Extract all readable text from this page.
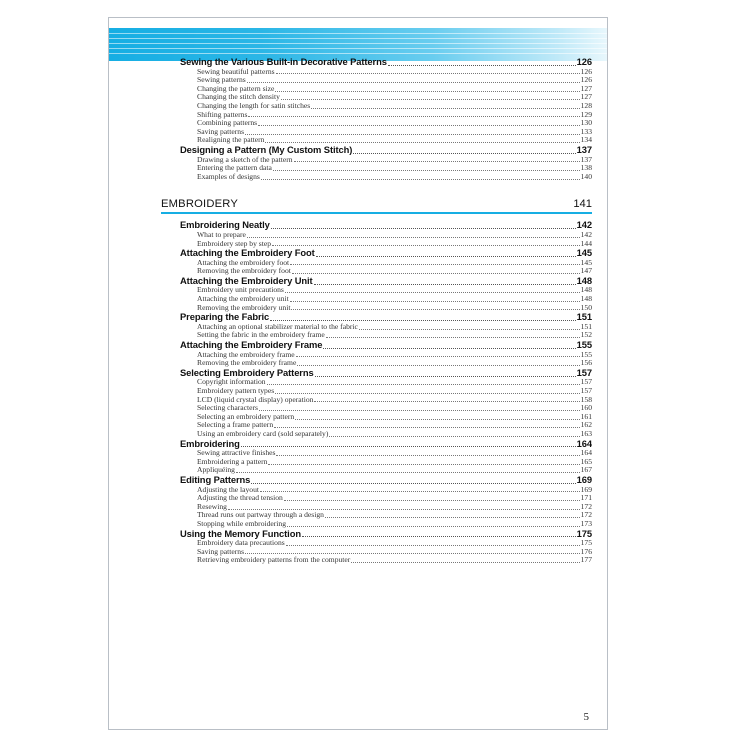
Sewing the Various Built-in Decorative Patterns	126
Sewing beautiful patterns	126
Sewing patterns	126
Changing the pattern size	127
Changing the stitch density	127
Changing the length for satin stitches	128
Shifting patterns	129
Combining patterns	130
Saving patterns	133
Realigning the pattern	134
Designing a Pattern (My Custom Stitch)	137
Drawing a sketch of the pattern	137
Entering the pattern data	138
Examples of designs	140
EMBROIDERY	141
Embroidering Neatly	142
What to prepare	142
Embroidery step by step	144
Attaching the Embroidery Foot	145
Attaching the embroidery foot	145
Removing the embroidery foot	147
Attaching the Embroidery Unit	148
Embroidery unit precautions	148
Attaching the embroidery unit	148
Removing the embroidery unit	150
Preparing the Fabric	151
Attaching an optional stabilizer material to the fabric	151
Setting the fabric in the embroidery frame	152
Attaching the Embroidery Frame	155
Attaching the embroidery frame	155
Removing the embroidery frame	156
Selecting Embroidery Patterns	157
Copyright information	157
Embroidery pattern types	157
LCD (liquid crystal display) operation	158
Selecting characters	160
Selecting an embroidery pattern	161
Selecting a frame pattern	162
Using an embroidery card (sold separately)	163
Embroidering	164
Sewing attractive finishes	164
Embroidering a pattern	165
Appliquéing	167
Editing Patterns	169
Adjusting the layout	169
Adjusting the thread tension	171
Resewing	172
Thread runs out partway through a design	172
Stopping while embroidering	173
Using the Memory Function	175
Embroidery data precautions	175
Saving patterns	176
Retrieving embroidery patterns from the computer	177
5
